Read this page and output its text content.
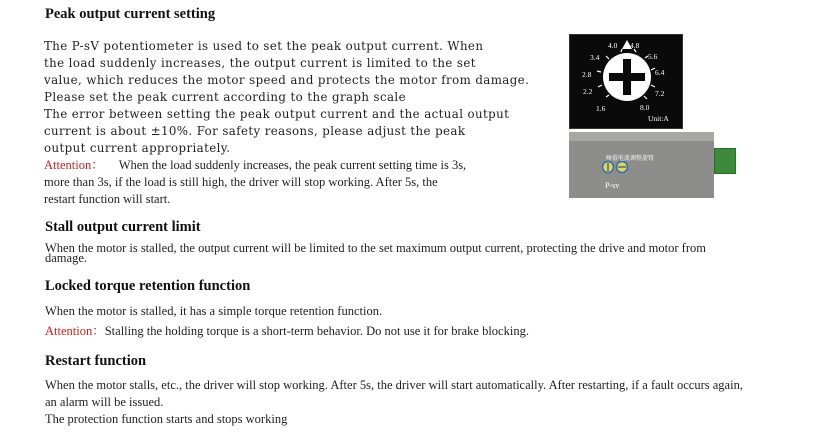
Peak output current setting
The P-sV potentiometer is used to set the peak output current. When
the load suddenly increases, the output current is limited to the set
value, which reduces the motor speed and protects the motor from damage.
Please set the peak current according to the graph scale
The error between setting the peak output current and the actual output
current is about ±10%. For safety reasons, please adjust the peak
output current appropriately.
Attention： When the load suddenly increases, the peak current setting time is 3s,
more than 3s, if the load is still high, the driver will stop working. After 5s, the
restart function will start.
4.0 4.8
5.6
6.4
7.2
8.0
1.6
2.2
2.8
3.4
Unit:A
峰值电流调整旋钮
P-sv
Stall output current limit
When the motor is stalled, the output current will be limited to the set maximum output current, protecting the drive and motor from
damage.
Locked torque retention function
When the motor is stalled, it has a simple torque retention function.
Attention：Stalling the holding torque is a short-term behavior. Do not use it for brake blocking.
Restart function
When the motor stalls, etc., the driver will stop working. After 5s, the driver will start automatically. After restarting, if a fault occurs again,
an alarm will be issued.
The protection function starts and stops working
